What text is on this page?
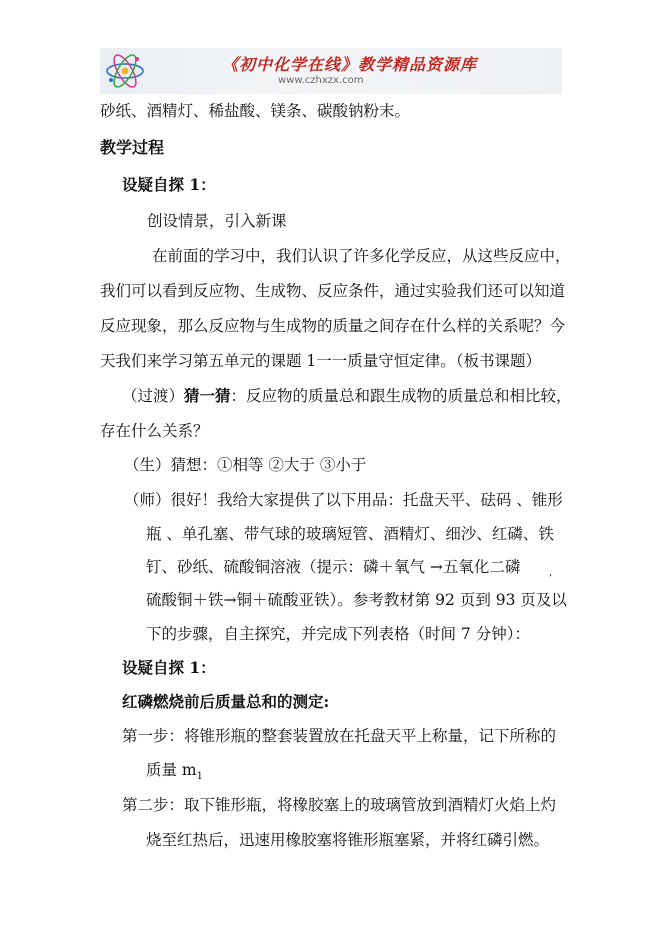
《初中化学在线》教学精品资源库
www.czhxzx.com
砂纸、酒精灯、稀盐酸、镁条、碳酸钠粉末。
教学过程
设疑自探 1：
创设情景，引入新课
在前面的学习中，我们认识了许多化学反应，从这些反应中，
我们可以看到反应物、生成物、反应条件，通过实验我们还可以知道
反应现象，那么反应物与生成物的质量之间存在什么样的关系呢？今
天我们来学习第五单元的课题 1一一质量守恒定律。（板书课题）
（过渡）猜一猜：反应物的质量总和跟生成物的质量总和相比较，
存在什么关系？
（生）猜想：①相等 ②大于 ③小于
（师）很好！我给大家提供了以下用品：托盘天平、砝码 、锥形
瓶 、单孔塞、带气球的玻璃短管、酒精灯、细沙、红磷、铁
钉、砂纸、硫酸铜溶液（提示：磷＋氧气 →五氧化二磷	,
硫酸铜＋铁→铜＋硫酸亚铁）。参考教材第 92 页到 93 页及以
下的步骤，自主探究，并完成下列表格（时间 7 分钟）：
设疑自探 1：
红磷燃烧前后质量总和的测定:
第一步：将锥形瓶的整套装置放在托盘天平上称量，记下所称的
质量 $m_1$
第二步：取下锥形瓶，将橡胶塞上的玻璃管放到酒精灯火焰上灼
烧至红热后，迅速用橡胶塞将锥形瓶塞紧，并将红磷引燃。
